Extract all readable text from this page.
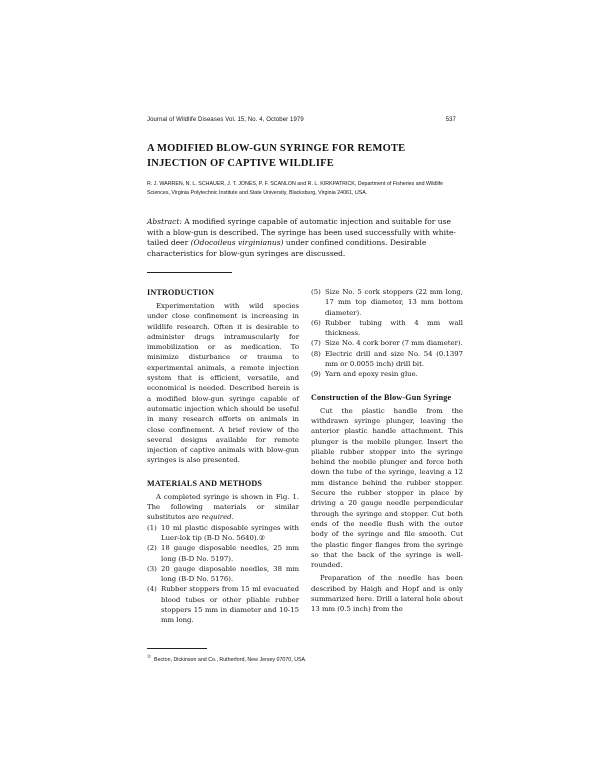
Journal of Wildlife Diseases Vol. 15, No. 4, October 1979	537
A MODIFIED BLOW-GUN SYRINGE FOR REMOTE INJECTION OF CAPTIVE WILDLIFE
R. J. WARREN, N. L. SCHAUER, J. T. JONES, P. F. SCANLON and R. L. KIRKPATRICK, Department of Fisheries and Wildlife Sciences, Virginia Polytechnic Institute and State University, Blacksburg, Virginia 24061, USA.
Abstract: A modified syringe capable of automatic injection and suitable for use with a blow-gun is described. The syringe has been used successfully with white-tailed deer (Odocoileus virginianus) under confined conditions. Desirable characteristics for blow-gun syringes are discussed.
INTRODUCTION

Experimentation with wild species under close confinement is increasing in wildlife research. Often it is desirable to administer drugs intramuscularly for immobilization or as medication. To minimize disturbance or trauma to experimental animals, a remote injection system that is efficient, versatile, and economical is needed. Described herein is a modified blow-gun syringe capable of automatic injection which should be useful in many research efforts on animals in close confinement. A brief review of the several designs available for remote injection of captive animals with blow-gun syringes is also presented.

MATERIALS AND METHODS

A completed syringe is shown in Fig. 1. The following materials or similar substitutes are required.

(1) 10 ml plastic disposable syringes with Luer-lok tip (B-D No. 5640).②
(2) 18 gauge disposable needles, 25 mm long (B-D No. 5197).
(3) 20 gauge disposable needles, 38 mm long (B-D No. 5176).
(4) Rubber stoppers from 15 ml evacuated blood tubes or other pliable rubber stoppers 15 mm in diameter and 10-15 mm long.
(5) Size No. 5 cork stoppers (22 mm long, 17 mm top diameter, 13 mm bottom diameter).
(6) Rubber tubing with 4 mm wall thickness.
(7) Size No. 4 cork borer (7 mm diameter).
(8) Electric drill and size No. 54 (0.1397 mm or 0.0055 inch) drill bit.
(9) Yarn and epoxy resin glue.
Construction of the Blow-Gun Syringe

Cut the plastic handle from the withdrawn syringe plunger, leaving the anterior plastic handle attachment. This plunger is the mobile plunger. Insert the pliable rubber stopper into the syringe behind the mobile plunger and force both down the tube of the syringe, leaving a 12 mm distance behind the rubber stopper. Secure the rubber stopper in place by driving a 20 gauge needle perpendicular through the syringe and stopper. Cut both ends of the needle flush with the outer body of the syringe and file smooth. Cut the plastic finger flanges from the syringe so that the back of the syringe is well-rounded.

Preparation of the needle has been described by Haigh and Hopf and is only summarized here. Drill a lateral hole about 13 mm (0.5 inch) from the

②Becton, Dickinson and Co., Rutherford, New Jersey 07070, USA.
